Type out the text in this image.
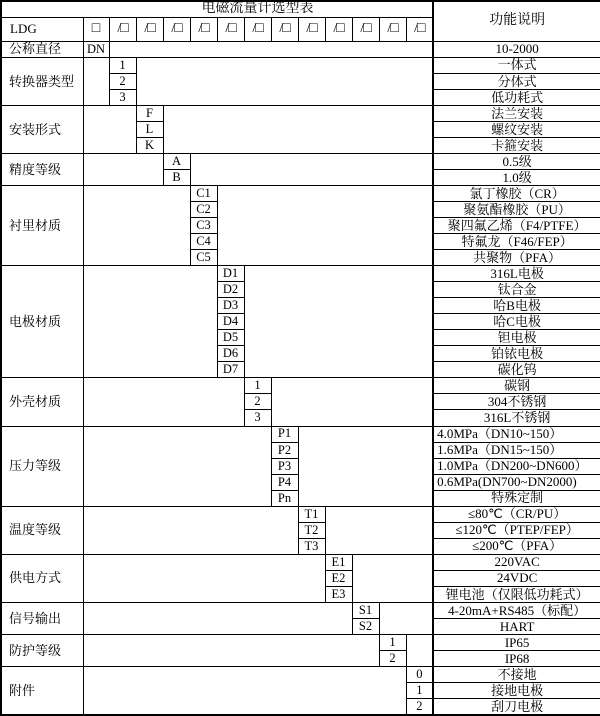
电磁流量计选型表														功能说明
LDG	□	/□	/□	/□	/□	/□	/□	/□	/□	/□	/□	/□	/□	
公称直径	DN													10-2000
转换器类型		1												一体式
		2												分体式
		3												低功耗式
安装形式			F											法兰安装
			L											螺纹安装
			K											卡箍安装
精度等级				A										0.5级
				B										1.0级
衬里材质					C1									氯丁橡胶（CR）
					C2									聚氨酯橡胶（PU）
					C3									聚四氟乙烯（F4/PTFE）
					C4									特氟龙（F46/FEP）
					C5									共聚物（PFA）
电极材质						D1								316L电极
						D2								钛合金
						D3								哈B电极
						D4								哈C电极
						D5								钽电极
						D6								铂铱电极
						D7								碳化钨
外壳材质							1							碳钢
							2							304不锈钢
							3							316L不锈钢
压力等级								P1						4.0MPa（DN10~150）
								P2						1.6MPa（DN15~150）
								P3						1.0MPa（DN200~DN600）
								P4						0.6MPa(DN700~DN2000)
								Pn						特殊定制
温度等级									T1					≤80℃（CR/PU）
									T2					≤120℃（PTEP/FEP）
									T3					≤200℃（PFA）
供电方式										E1				220VAC
										E2				24VDC
										E3				锂电池（仅限低功耗式）
信号输出											S1			4-20mA+RS485（标配）
											S2			HART
防护等级												1		IP65
												2		IP68
附件													0	不接地
													1	接地电极
													2	刮刀电极
